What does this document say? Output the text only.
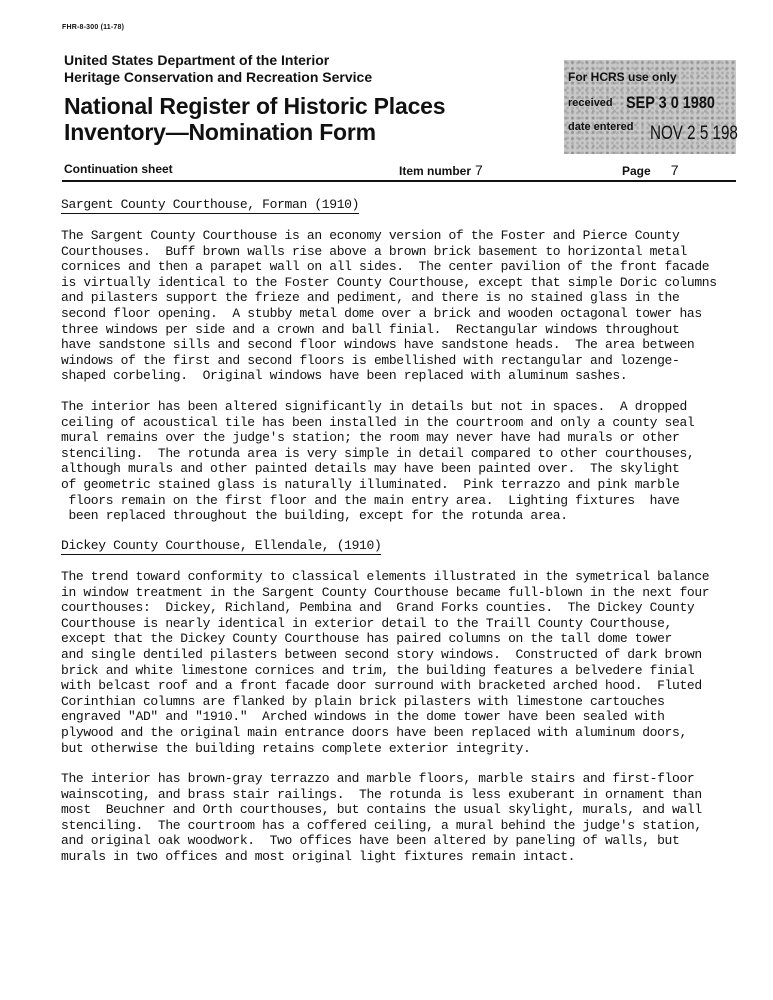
FHR-8-300 (11-78)
United States Department of the Interior
Heritage Conservation and Recreation Service
National Register of Historic Places
Inventory—Nomination Form
For HCRS use only
received SEP 3 0 1980
date entered NOV 2 5 198
Continuation sheet	Item number 7	Page 7
Sargent County Courthouse, Forman (1910)
The Sargent County Courthouse is an economy version of the Foster and Pierce County
Courthouses.  Buff brown walls rise above a brown brick basement to horizontal metal
cornices and then a parapet wall on all sides.  The center pavilion of the front facade
is virtually identical to the Foster County Courthouse, except that simple Doric columns
and pilasters support the frieze and pediment, and there is no stained glass in the
second floor opening.  A stubby metal dome over a brick and wooden octagonal tower has
three windows per side and a crown and ball finial.  Rectangular windows throughout
have sandstone sills and second floor windows have sandstone heads.  The area between
windows of the first and second floors is embellished with rectangular and lozenge-
shaped corbeling.  Original windows have been replaced with aluminum sashes.
The interior has been altered significantly in details but not in spaces.  A dropped
ceiling of acoustical tile has been installed in the courtroom and only a county seal
mural remains over the judge's station; the room may never have had murals or other
stenciling.  The rotunda area is very simple in detail compared to other courthouses,
although murals and other painted details may have been painted over.  The skylight
of geometric stained glass is naturally illuminated.  Pink terrazzo and pink marble
floors remain on the first floor and the main entry area.  Lighting fixtures  have
been replaced throughout the building, except for the rotunda area.
Dickey County Courthouse, Ellendale, (1910)
The trend toward conformity to classical elements illustrated in the symetrical balance
in window treatment in the Sargent County Courthouse became full-blown in the next four
courthouses:  Dickey, Richland, Pembina and  Grand Forks counties.  The Dickey County
Courthouse is nearly identical in exterior detail to the Traill County Courthouse,
except that the Dickey County Courthouse has paired columns on the tall dome tower
and single dentiled pilasters between second story windows.  Constructed of dark brown
brick and white limestone cornices and trim, the building features a belvedere finial
with belcast roof and a front facade door surround with bracketed arched hood.  Fluted
Corinthian columns are flanked by plain brick pilasters with limestone cartouches
engraved "AD" and "1910."  Arched windows in the dome tower have been sealed with
plywood and the original main entrance doors have been replaced with aluminum doors,
but otherwise the building retains complete exterior integrity.
The interior has brown-gray terrazzo and marble floors, marble stairs and first-floor
wainscoting, and brass stair railings.  The rotunda is less exuberant in ornament than
most  Beuchner and Orth courthouses, but contains the usual skylight, murals, and wall
stenciling.  The courtroom has a coffered ceiling, a mural behind the judge's station,
and original oak woodwork.  Two offices have been altered by paneling of walls, but
murals in two offices and most original light fixtures remain intact.
